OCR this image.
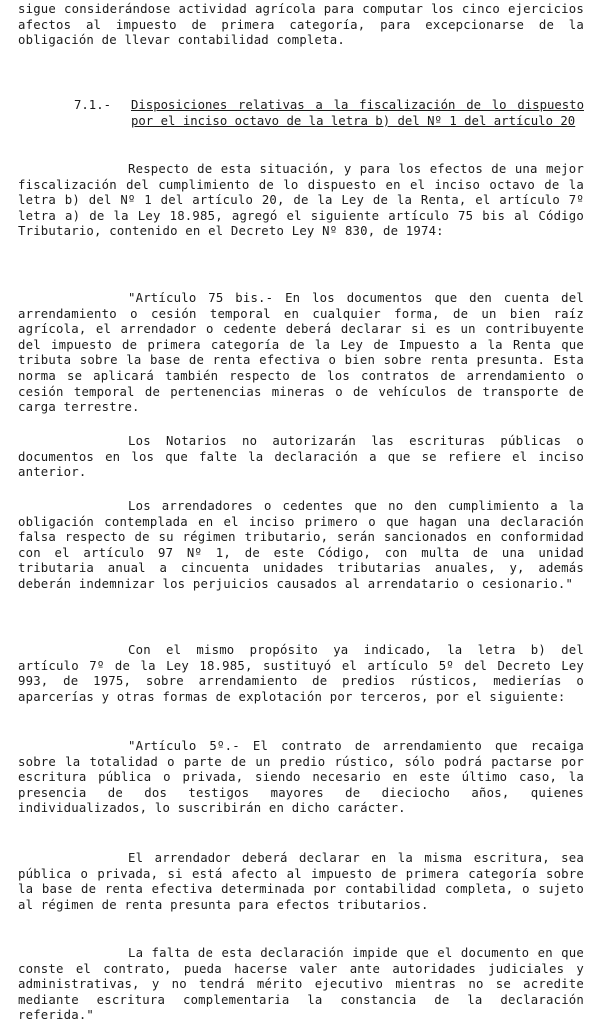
sigue considerándose actividad agrícola para computar los cinco ejercicios afectos al impuesto de primera categoría, para excepcionarse de la obligación de llevar contabilidad completa.

7.1.- Disposiciones relativas a la fiscalización de lo dispuesto por el inciso octavo de la letra b) del Nº 1 del artículo 20

Respecto de esta situación, y para los efectos de una mejor fiscalización del cumplimiento de lo dispuesto en el inciso octavo de la letra b) del Nº 1 del artículo 20, de la Ley de la Renta, el artículo 7º letra a) de la Ley 18.985, agregó el siguiente artículo 75 bis al Código Tributario, contenido en el Decreto Ley Nº 830, de 1974:

"Artículo 75 bis.- En los documentos que den cuenta del arrendamiento o cesión temporal en cualquier forma, de un bien raíz agrícola, el arrendador o cedente deberá declarar si es un contribuyente del impuesto de primera categoría de la Ley de Impuesto a la Renta que tributa sobre la base de renta efectiva o bien sobre renta presunta. Esta norma se aplicará también respecto de los contratos de arrendamiento o cesión temporal de pertenencias mineras o de vehículos de transporte de carga terrestre.

Los Notarios no autorizarán las escrituras públicas o documentos en los que falte la declaración a que se refiere el inciso anterior.

Los arrendadores o cedentes que no den cumplimiento a la obligación contemplada en el inciso primero o que hagan una declaración falsa respecto de su régimen tributario, serán sancionados en conformidad con el artículo 97 Nº 1, de este Código, con multa de una unidad tributaria anual a cincuenta unidades tributarias anuales, y, además deberán indemnizar los perjuicios causados al arrendatario o cesionario."

Con el mismo propósito ya indicado, la letra b) del artículo 7º de la Ley 18.985, sustituyó el artículo 5º del Decreto Ley 993, de 1975, sobre arrendamiento de predios rústicos, medierías o aparcerías y otras formas de explotación por terceros, por el siguiente:

"Artículo 5º.- El contrato de arrendamiento que recaiga sobre la totalidad o parte de un predio rústico, sólo podrá pactarse por escritura pública o privada, siendo necesario en este último caso, la presencia de dos testigos mayores de dieciocho años, quienes individualizados, lo suscribirán en dicho carácter.

El arrendador deberá declarar en la misma escritura, sea pública o privada, si está afecto al impuesto de primera categoría sobre la base de renta efectiva determinada por contabilidad completa, o sujeto al régimen de renta presunta para efectos tributarios.

La falta de esta declaración impide que el documento en que conste el contrato, pueda hacerse valer ante autoridades judiciales y administrativas, y no tendrá mérito ejecutivo mientras no se acredite mediante escritura complementaria la constancia de la declaración referida."
